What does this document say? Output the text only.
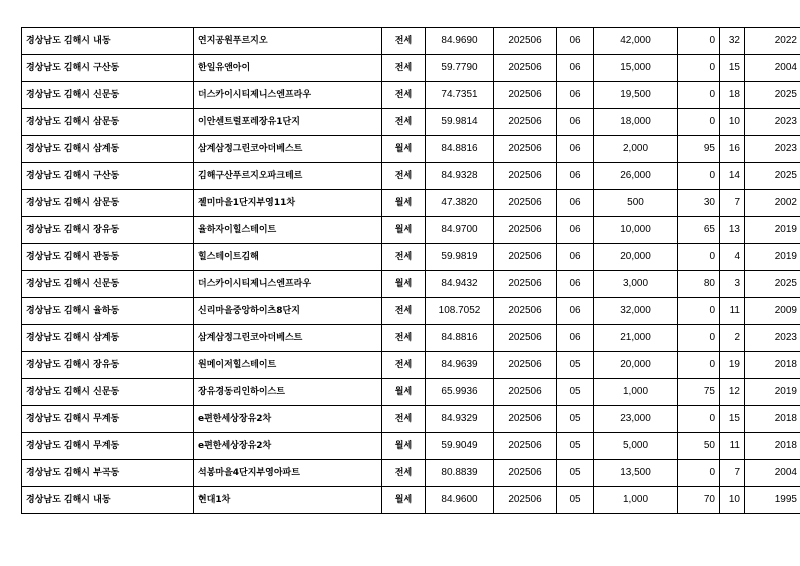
경상남도 김해시 내동	연지공원푸르지오	전세	84.9690	202506	06	42,000	0	32	2022
경상남도 김해시 구산동	한일유앤아이	전세	59.7790	202506	06	15,000	0	15	2004
경상남도 김해시 신문동	더스카이시티제니스엔프라우	전세	74.7351	202506	06	19,500	0	18	2025
경상남도 김해시 삼문동	이안센트럴포레장유1단지	전세	59.9814	202506	06	18,000	0	10	2023
경상남도 김해시 삼계동	삼계삼정그린코아더베스트	월세	84.8816	202506	06	2,000	95	16	2023
경상남도 김해시 구산동	김해구산푸르지오파크테르	전세	84.9328	202506	06	26,000	0	14	2025
경상남도 김해시 삼문동	젤미마을1단지부영11차	월세	47.3820	202506	06	500	30	7	2002
경상남도 김해시 장유동	율하자이힐스테이트	월세	84.9700	202506	06	10,000	65	13	2019
경상남도 김해시 관동동	힐스테이트김해	전세	59.9819	202506	06	20,000	0	4	2019
경상남도 김해시 신문동	더스카이시티제니스엔프라우	월세	84.9432	202506	06	3,000	80	3	2025
경상남도 김해시 율하동	신리마을중앙하이츠8단지	전세	108.7052	202506	06	32,000	0	11	2009
경상남도 김해시 삼계동	삼계삼정그린코아더베스트	전세	84.8816	202506	06	21,000	0	2	2023
경상남도 김해시 장유동	원메이저힐스테이트	전세	84.9639	202506	05	20,000	0	19	2018
경상남도 김해시 신문동	장유경동리인하이스트	월세	65.9936	202506	05	1,000	75	12	2019
경상남도 김해시 무계동	e편한세상장유2차	전세	84.9329	202506	05	23,000	0	15	2018
경상남도 김해시 무계동	e편한세상장유2차	월세	59.9049	202506	05	5,000	50	11	2018
경상남도 김해시 부곡동	석봉마을4단지부영아파트	전세	80.8839	202506	05	13,500	0	7	2004
경상남도 김해시 내동	현대1차	월세	84.9600	202506	05	1,000	70	10	1995
